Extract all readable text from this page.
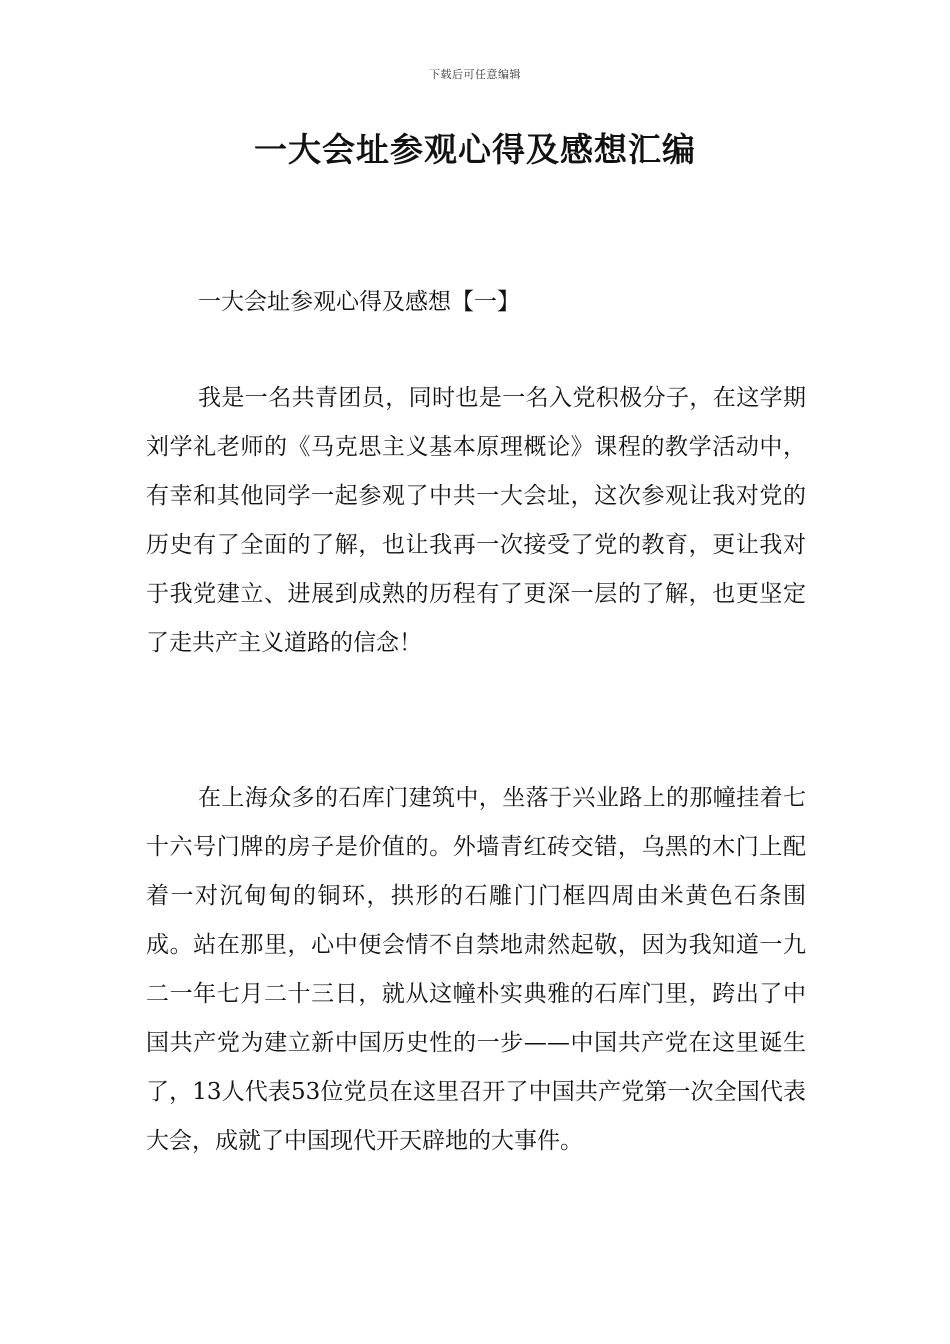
下载后可任意编辑
一大会址参观心得及感想汇编
一大会址参观心得及感想【一】

我是一名共青团员，同时也是一名入党积极分子，在这学期刘学礼老师的《马克思主义基本原理概论》课程的教学活动中，有幸和其他同学一起参观了中共一大会址，这次参观让我对党的历史有了全面的了解，也让我再一次接受了党的教育，更让我对于我党建立、进展到成熟的历程有了更深一层的了解，也更坚定了走共产主义道路的信念！

在上海众多的石库门建筑中，坐落于兴业路上的那幢挂着七十六号门牌的房子是价值的。外墙青红砖交错，乌黑的木门上配着一对沉甸甸的铜环，拱形的石雕门门框四周由米黄色石条围成。站在那里，心中便会情不自禁地肃然起敬，因为我知道一九二一年七月二十三日，就从这幢朴实典雅的石库门里，跨出了中国共产党为建立新中国历史性的一步——中国共产党在这里诞生了，13人代表53位党员在这里召开了中国共产党第一次全国代表大会，成就了中国现代开天辟地的大事件。
